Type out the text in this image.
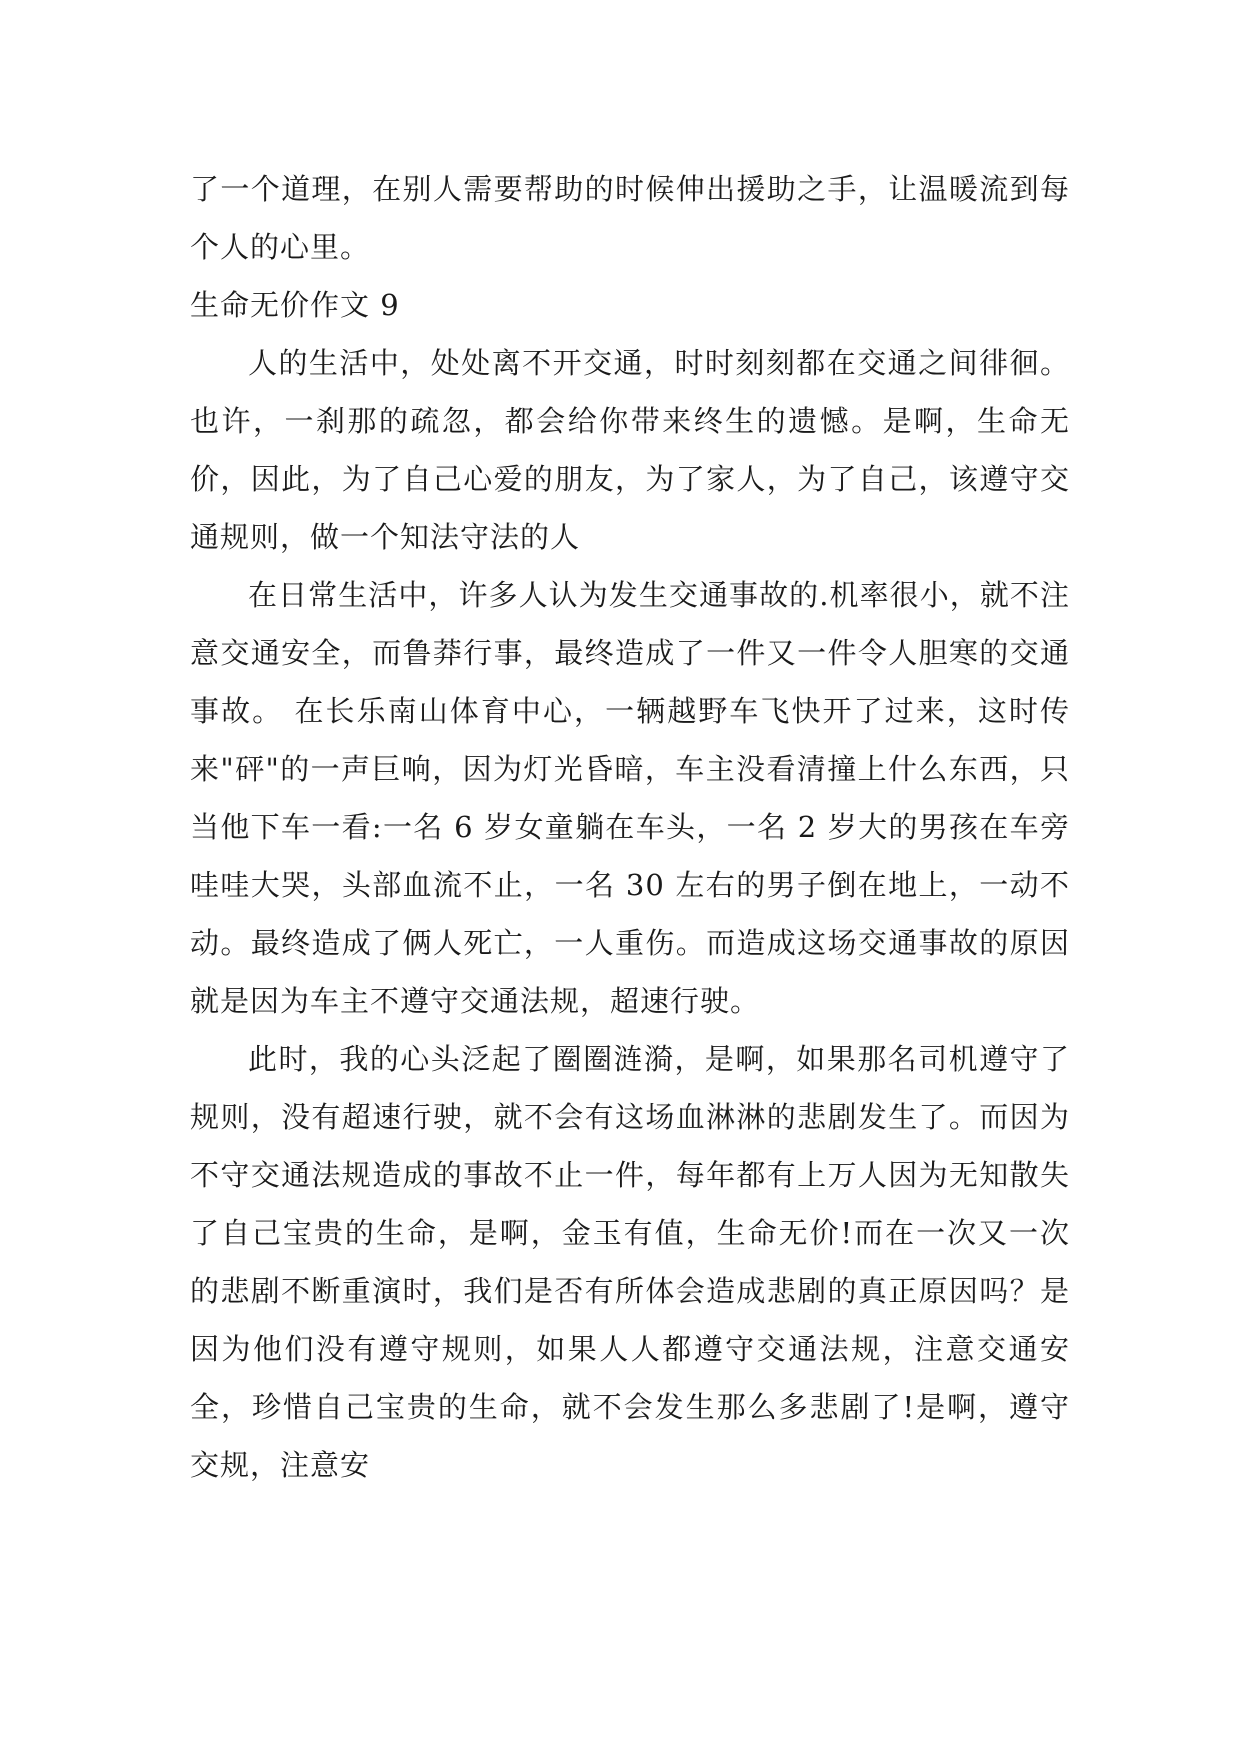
了一个道理，在别人需要帮助的时候伸出援助之手，让温暖流到每个人的心里。

生命无价作文 9

人的生活中，处处离不开交通，时时刻刻都在交通之间徘徊。也许，一刹那的疏忽，都会给你带来终生的遗憾。是啊，生命无价，因此，为了自己心爱的朋友，为了家人，为了自己，该遵守交通规则，做一个知法守法的人

在日常生活中，许多人认为发生交通事故的.机率很小，就不注意交通安全，而鲁莽行事，最终造成了一件又一件令人胆寒的交通事故。 在长乐南山体育中心，一辆越野车飞快开了过来，这时传来"砰"的一声巨响，因为灯光昏暗，车主没看清撞上什么东西，只当他下车一看:一名 6 岁女童躺在车头，一名 2 岁大的男孩在车旁哇哇大哭，头部血流不止，一名 30 左右的男子倒在地上，一动不动。最终造成了俩人死亡，一人重伤。而造成这场交通事故的原因就是因为车主不遵守交通法规，超速行驶。

此时，我的心头泛起了圈圈涟漪，是啊，如果那名司机遵守了规则，没有超速行驶，就不会有这场血淋淋的悲剧发生了。而因为不守交通法规造成的事故不止一件，每年都有上万人因为无知散失了自己宝贵的生命，是啊，金玉有值，生命无价!而在一次又一次的悲剧不断重演时，我们是否有所体会造成悲剧的真正原因吗？是因为他们没有遵守规则，如果人人都遵守交通法规，注意交通安全，珍惜自己宝贵的生命，就不会发生那么多悲剧了!是啊，遵守交规，注意安
